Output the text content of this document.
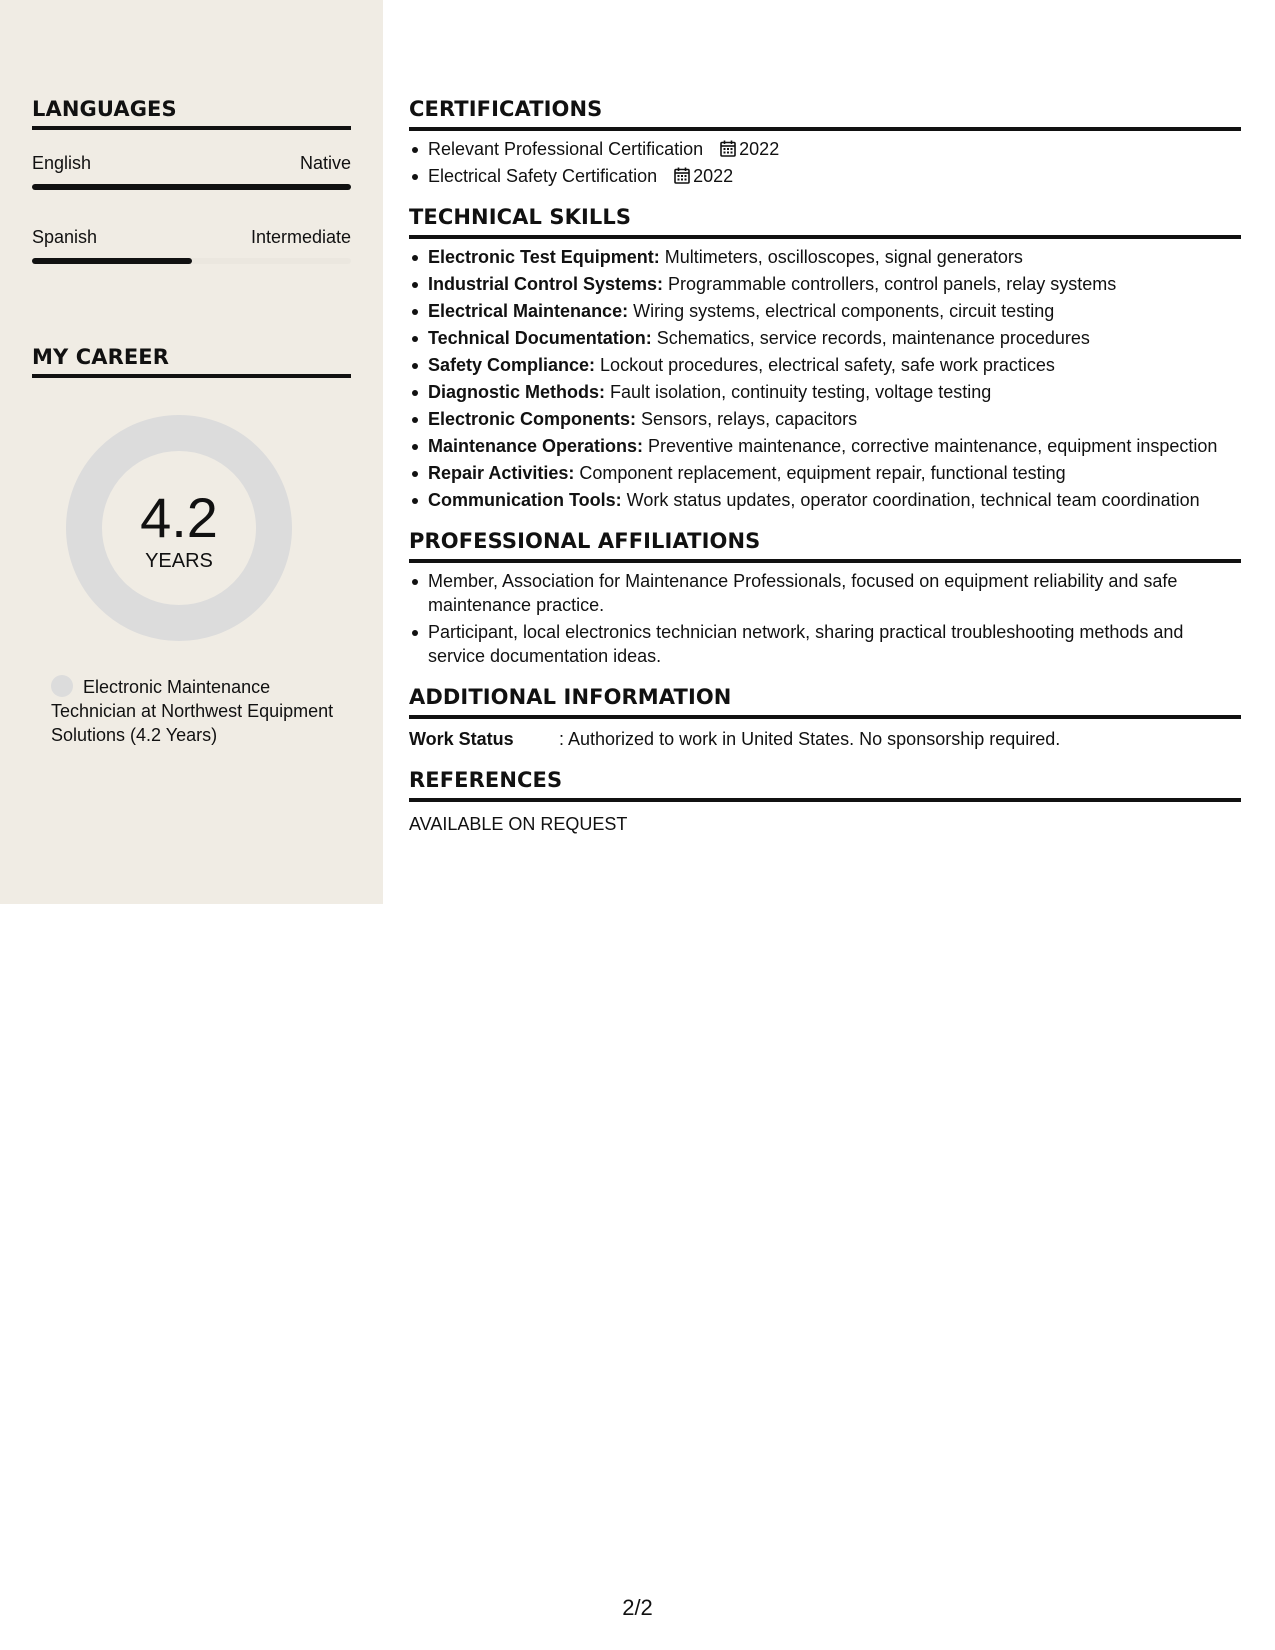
LANGUAGES
English	Native
Spanish	Intermediate
MY CAREER
4.2
YEARS
Electronic Maintenance Technician at Northwest Equipment Solutions (4.2 Years)
CERTIFICATIONS
Relevant Professional Certification 2022
Electrical Safety Certification 2022
TECHNICAL SKILLS
Electronic Test Equipment: Multimeters, oscilloscopes, signal generators
Industrial Control Systems: Programmable controllers, control panels, relay systems
Electrical Maintenance: Wiring systems, electrical components, circuit testing
Technical Documentation: Schematics, service records, maintenance procedures
Safety Compliance: Lockout procedures, electrical safety, safe work practices
Diagnostic Methods: Fault isolation, continuity testing, voltage testing
Electronic Components: Sensors, relays, capacitors
Maintenance Operations: Preventive maintenance, corrective maintenance, equipment inspection
Repair Activities: Component replacement, equipment repair, functional testing
Communication Tools: Work status updates, operator coordination, technical team coordination
PROFESSIONAL AFFILIATIONS
Member, Association for Maintenance Professionals, focused on equipment reliability and safe maintenance practice.
Participant, local electronics technician network, sharing practical troubleshooting methods and service documentation ideas.
ADDITIONAL INFORMATION
Work Status	: Authorized to work in United States. No sponsorship required.
REFERENCES
AVAILABLE ON REQUEST
2/2
